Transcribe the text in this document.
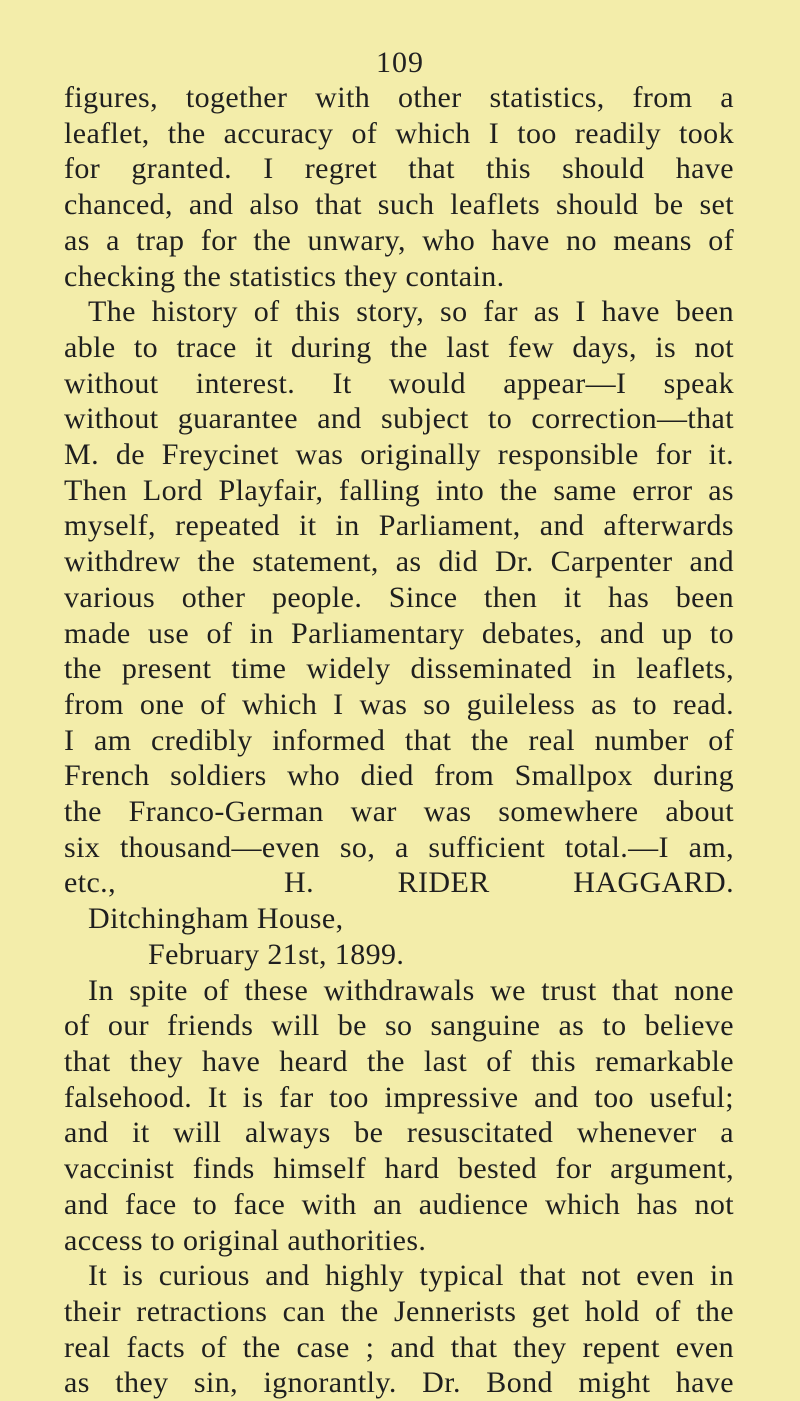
109
figures, together with other statistics, from a
leaflet, the accuracy of which I too readily took
for granted. I regret that this should have
chanced, and also that such leaflets should be set
as a trap for the unwary, who have no means of
checking the statistics they contain.
The history of this story, so far as I have been
able to trace it during the last few days, is not
without interest. It would appear—I speak
without guarantee and subject to correction—that
M. de Freycinet was originally responsible for it.
Then Lord Playfair, falling into the same error as
myself, repeated it in Parliament, and afterwards
withdrew the statement, as did Dr. Carpenter and
various other people. Since then it has been
made use of in Parliamentary debates, and up to
the present time widely disseminated in leaflets,
from one of which I was so guileless as to read.
I am credibly informed that the real number of
French soldiers who died from Smallpox during
the Franco-German war was somewhere about
six thousand—even so, a sufficient total.—I am,
etc.,	H. RIDER HAGGARD.
Ditchingham House,
February 21st, 1899.
In spite of these withdrawals we trust that none
of our friends will be so sanguine as to believe
that they have heard the last of this remarkable
falsehood. It is far too impressive and too useful;
and it will always be resuscitated whenever a
vaccinist finds himself hard bested for argument,
and face to face with an audience which has not
access to original authorities.
It is curious and highly typical that not even in
their retractions can the Jennerists get hold of the
real facts of the case ; and that they repent even
as they sin, ignorantly. Dr. Bond might have
